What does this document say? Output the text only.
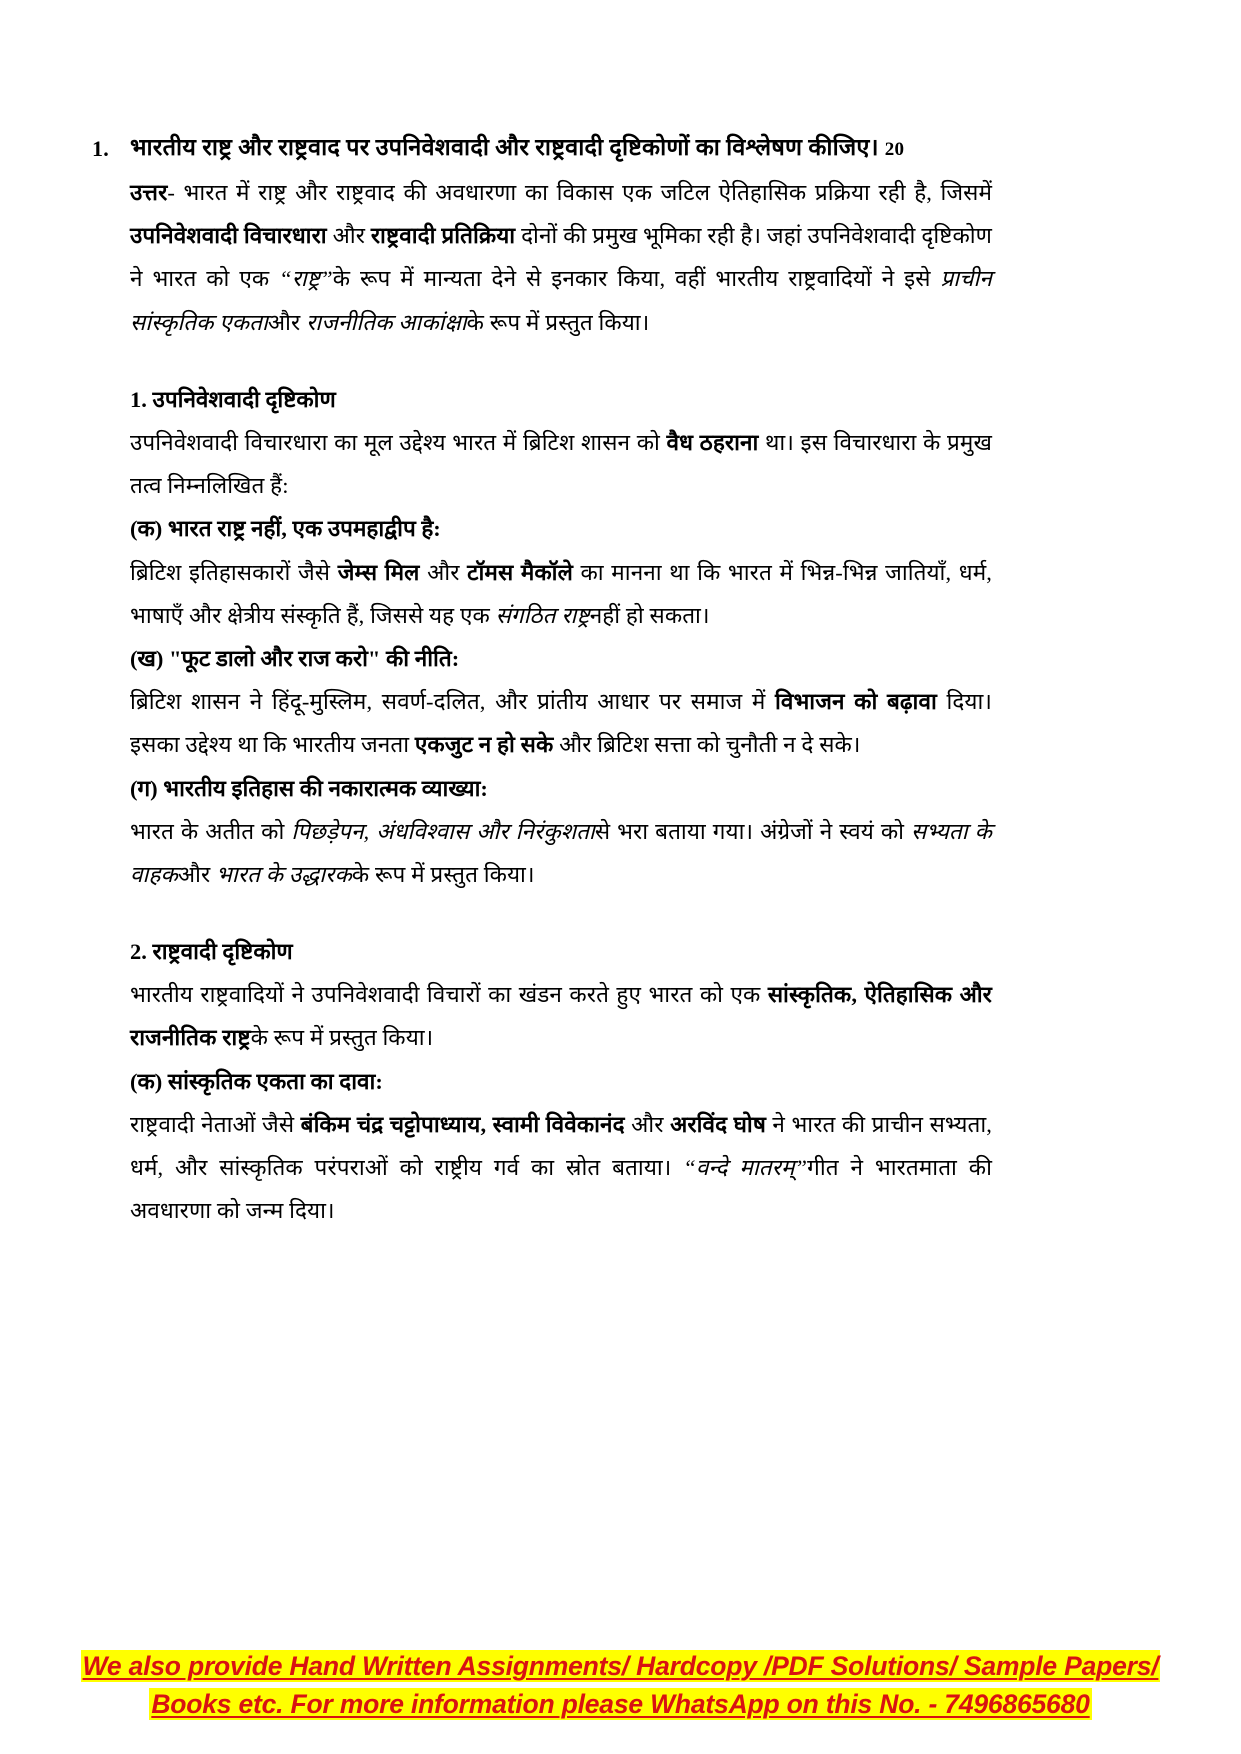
1. भारतीय राष्ट्र और राष्ट्रवाद पर उपनिवेशवादी और राष्ट्रवादी दृष्टिकोणों का विश्लेषण कीजिए। 20

उत्तर- भारत में राष्ट्र और राष्ट्रवाद की अवधारणा का विकास एक जटिल ऐतिहासिक प्रक्रिया रही है, जिसमें उपनिवेशवादी विचारधारा और राष्ट्रवादी प्रतिक्रिया दोनों की प्रमुख भूमिका रही है। जहां उपनिवेशवादी दृष्टिकोण ने भारत को एक “राष्ट्र”के रूप में मान्यता देने से इनकार किया, वहीं भारतीय राष्ट्रवादियों ने इसे प्राचीन सांस्कृतिक एकताऔर राजनीतिक आकांक्षाके रूप में प्रस्तुत किया।

1. उपनिवेशवादी दृष्टिकोण

उपनिवेशवादी विचारधारा का मूल उद्देश्य भारत में ब्रिटिश शासन को वैध ठहराना था। इस विचारधारा के प्रमुख तत्व निम्नलिखित हैं:

(क) भारत राष्ट्र नहीं, एक उपमहाद्वीप है:

ब्रिटिश इतिहासकारों जैसे जेम्स मिल और टॉमस मैकॉले का मानना था कि भारत में भिन्न-भिन्न जातियाँ, धर्म, भाषाएँ और क्षेत्रीय संस्कृति हैं, जिससे यह एक संगठित राष्ट्रनहीं हो सकता।

(ख) "फूट डालो और राज करो" की नीति:

ब्रिटिश शासन ने हिंदू-मुस्लिम, सवर्ण-दलित, और प्रांतीय आधार पर समाज में विभाजन को बढ़ावा दिया। इसका उद्देश्य था कि भारतीय जनता एकजुट न हो सके और ब्रिटिश सत्ता को चुनौती न दे सके।

(ग) भारतीय इतिहास की नकारात्मक व्याख्या:

भारत के अतीत को पिछड़ेपन, अंधविश्वास और निरंकुशतासे भरा बताया गया। अंग्रेजों ने स्वयं को सभ्यता के वाहकऔर भारत के उद्धारकके रूप में प्रस्तुत किया।

2. राष्ट्रवादी दृष्टिकोण

भारतीय राष्ट्रवादियों ने उपनिवेशवादी विचारों का खंडन करते हुए भारत को एक सांस्कृतिक, ऐतिहासिक और राजनीतिक राष्ट्रके रूप में प्रस्तुत किया।

(क) सांस्कृतिक एकता का दावा:

राष्ट्रवादी नेताओं जैसे बंकिम चंद्र चट्टोपाध्याय, स्वामी विवेकानंद और अरविंद घोष ने भारत की प्राचीन सभ्यता, धर्म, और सांस्कृतिक परंपराओं को राष्ट्रीय गर्व का स्रोत बताया। “वन्दे मातरम्”गीत ने भारतमाता की अवधारणा को जन्म दिया।

We also provide Hand Written Assignments/ Hardcopy /PDF Solutions/ Sample Papers/
Books etc. For more information please WhatsApp on this No. - 7496865680
